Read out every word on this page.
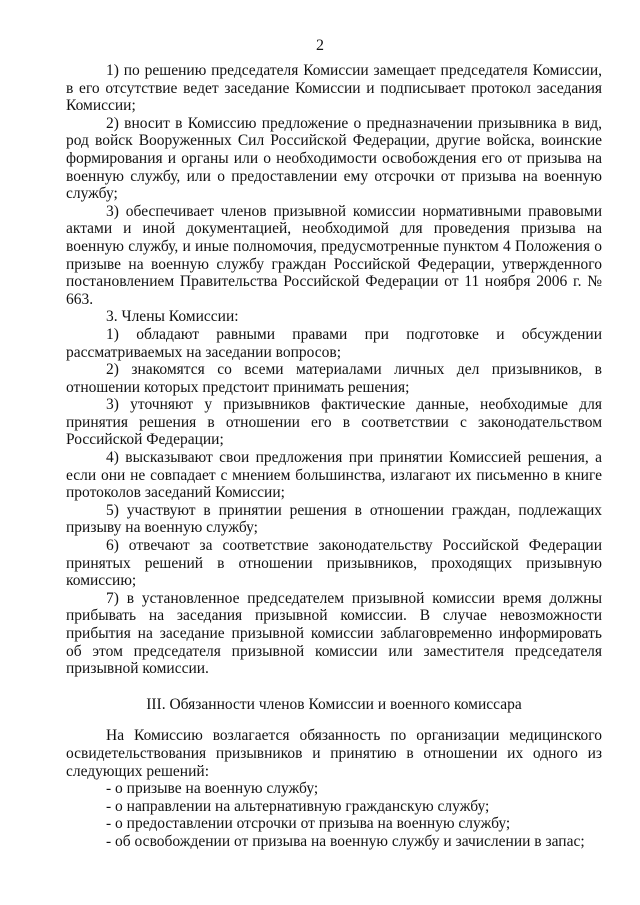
2

1) по решению председателя Комиссии замещает председателя Комиссии, в его отсутствие ведет заседание Комиссии и подписывает протокол заседания Комиссии;

2) вносит в Комиссию предложение о предназначении призывника в вид, род войск Вооруженных Сил Российской Федерации, другие войска, воинские формирования и органы или о необходимости освобождения его от призыва на военную службу, или о предоставлении ему отсрочки от призыва на военную службу;

3) обеспечивает членов призывной комиссии нормативными правовыми актами и иной документацией, необходимой для проведения призыва на военную службу, и иные полномочия, предусмотренные пунктом 4 Положения о призыве на военную службу граждан Российской Федерации, утвержденного постановлением Правительства Российской Федерации от 11 ноября 2006 г. № 663.

3. Члены Комиссии:

1) обладают равными правами при подготовке и обсуждении рассматриваемых на заседании вопросов;

2) знакомятся со всеми материалами личных дел призывников, в отношении которых предстоит принимать решения;

3) уточняют у призывников фактические данные, необходимые для принятия решения в отношении его в соответствии с законодательством Российской Федерации;

4) высказывают свои предложения при принятии Комиссией решения, а если они не совпадает с мнением большинства, излагают их письменно в книге протоколов заседаний Комиссии;

5) участвуют в принятии решения в отношении граждан, подлежащих призыву на военную службу;

6) отвечают за соответствие законодательству Российской Федерации принятых решений в отношении призывников, проходящих призывную комиссию;

7) в установленное председателем призывной комиссии время должны прибывать на заседания призывной комиссии. В случае невозможности прибытия на заседание призывной комиссии заблаговременно информировать об этом председателя призывной комиссии или заместителя председателя призывной комиссии.

III. Обязанности членов Комиссии и военного комиссара

На Комиссию возлагается обязанность по организации медицинского освидетельствования призывников и принятию в отношении их одного из следующих решений:

- о призыве на военную службу;
- о направлении на альтернативную гражданскую службу;
- о предоставлении отсрочки от призыва на военную службу;
- об освобождении от призыва на военную службу и зачислении в запас;
